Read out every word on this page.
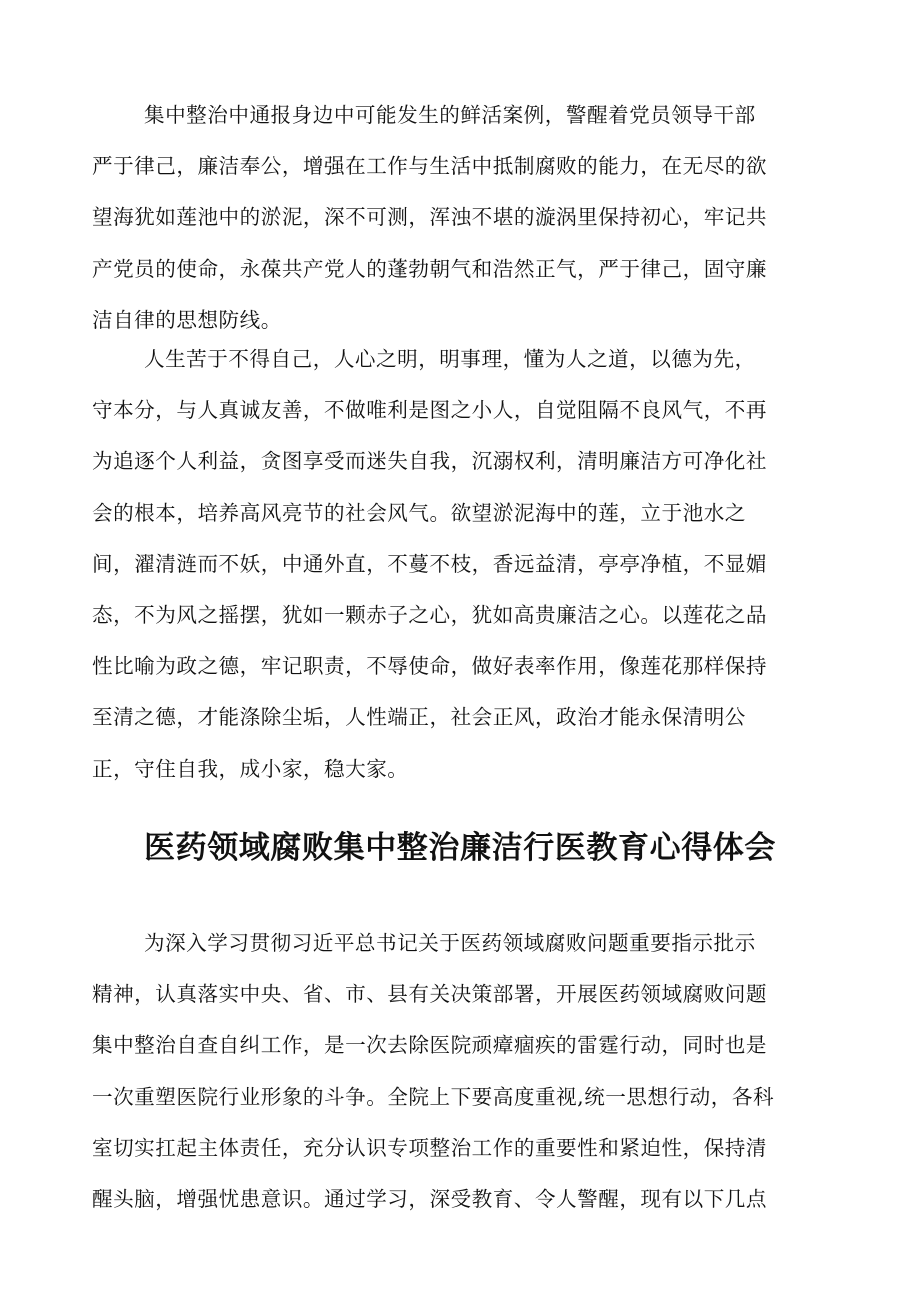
集中整治中通报身边中可能发生的鲜活案例，警醒着党员领导干部
严于律己，廉洁奉公，增强在工作与生活中抵制腐败的能力，在无尽的欲
望海犹如莲池中的淤泥，深不可测，浑浊不堪的漩涡里保持初心，牢记共
产党员的使命，永葆共产党人的蓬勃朝气和浩然正气，严于律己，固守廉
洁自律的思想防线。
人生苦于不得自己，人心之明，明事理，懂为人之道，以德为先，
守本分，与人真诚友善，不做唯利是图之小人，自觉阻隔不良风气，不再
为追逐个人利益，贪图享受而迷失自我，沉溺权利，清明廉洁方可净化社
会的根本，培养高风亮节的社会风气。欲望淤泥海中的莲，立于池水之
间，濯清涟而不妖，中通外直，不蔓不枝，香远益清，亭亭净植，不显媚
态，不为风之摇摆，犹如一颗赤子之心，犹如高贵廉洁之心。以莲花之品
性比喻为政之德，牢记职责，不辱使命，做好表率作用，像莲花那样保持
至清之德，才能涤除尘垢，人性端正，社会正风，政治才能永保清明公
正，守住自我，成小家，稳大家。
医药领域腐败集中整治廉洁行医教育心得体会
为深入学习贯彻习近平总书记关于医药领域腐败问题重要指示批示
精神，认真落实中央、省、市、县有关决策部署，开展医药领域腐败问题
集中整治自查自纠工作，是一次去除医院顽瘴痼疾的雷霆行动，同时也是
一次重塑医院行业形象的斗争。全院上下要高度重视,统一思想行动，各科
室切实扛起主体责任，充分认识专项整治工作的重要性和紧迫性，保持清
醒头脑，增强忧患意识。通过学习，深受教育、令人警醒，现有以下几点
